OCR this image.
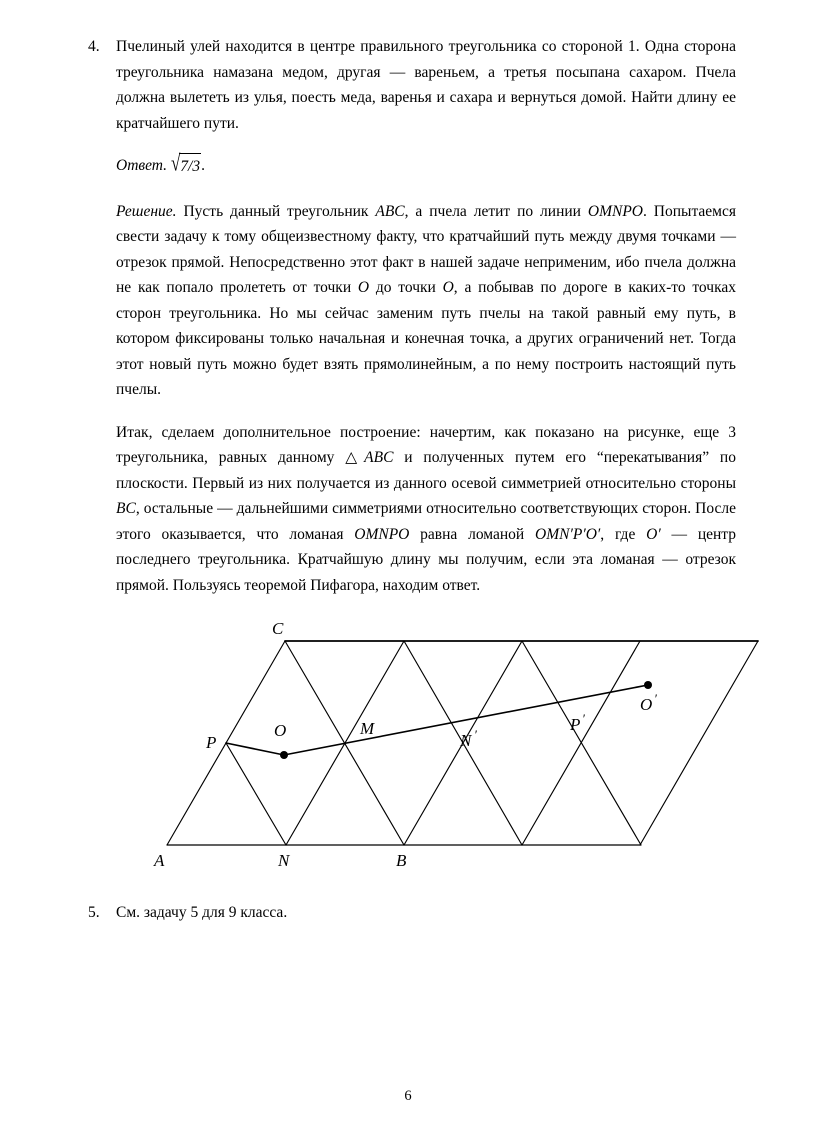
4.	Пчелиный улей находится в центре правильного треугольника со стороной 1. Одна сторона треугольника намазана медом, другая — вареньем, а третья посыпана сахаром. Пчела должна вылететь из улья, поесть меда, варенья и сахара и вернуться домой. Найти длину ее кратчайшего пути.
Ответ. √7/3.
Решение. Пусть данный треугольник ABC, а пчела летит по линии OMNPO. Попытаемся свести задачу к тому общеизвестному факту, что кратчайший путь между двумя точками — отрезок прямой. Непосредственно этот факт в нашей задаче неприменим, ибо пчела должна не как попало пролететь от точки O до точки O, а побывав по дороге в каких-то точках сторон треугольника. Но мы сейчас заменим путь пчелы на такой равный ему путь, в котором фиксированы только начальная и конечная точка, а других ограничений нет. Тогда этот новый путь можно будет взять прямолинейным, а по нему построить настоящий путь пчелы.
Итак, сделаем дополнительное построение: начертим, как показано на рисунке, еще 3 треугольника, равных данному △ABC и полученных путем его “перекатывания” по плоскости. Первый из них получается из данного осевой симметрией относительно стороны BC, остальные — дальнейшими симметриями относительно соответствующих сторон. После этого оказывается, что ломаная OMNPO равна ломаной OMN′P′O′, где O′ — центр последнего треугольника. Кратчайшую длину мы получим, если эта ломаная — отрезок прямой. Пользуясь теоремой Пифагора, находим ответ.
A	N	B
C
P
O	M
N ′
P ′
O ′
5.	См. задачу 5 для 9 класса.
6
